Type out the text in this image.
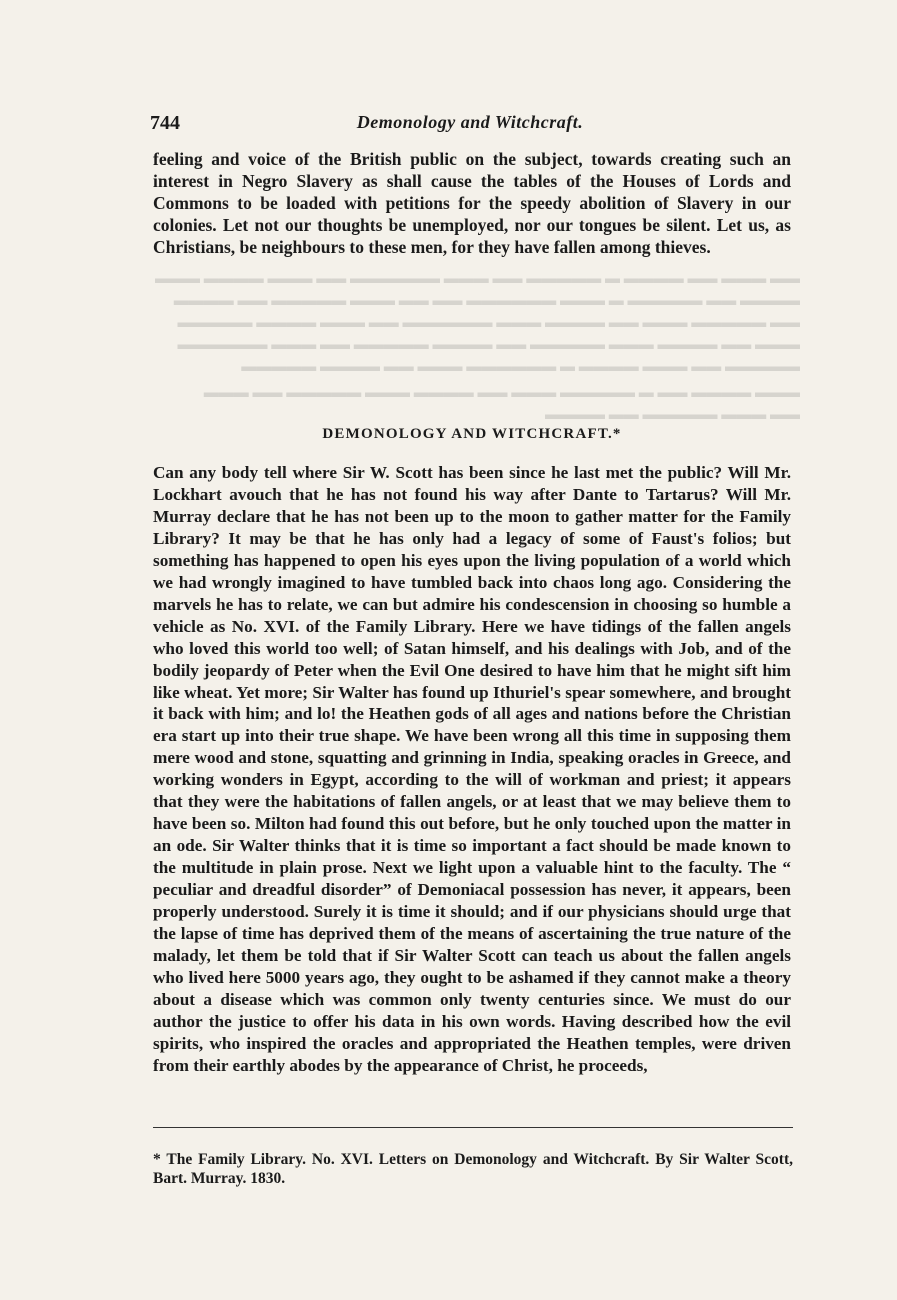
744	Demonology and Witchcraft.
feeling and voice of the British public on the subject, towards creating such an interest in Negro Slavery as shall cause the tables of the Houses of Lords and Commons to be loaded with petitions for the speedy abolition of Slavery in our colonies. Let not our thoughts be unemployed, nor our tongues be silent. Let us, as Christians, be neighbours to these men, for they have fallen among thieves.
▬▬ ▬▬▬ ▬▬ ▬▬▬▬ ▬ ▬▬▬▬▬ ▬▬ ▬▬▬ ▬▬▬▬▬▬ ▬▬ ▬▬▬ ▬▬▬▬ ▬▬▬
▬▬▬▬ ▬▬ ▬▬▬▬▬ ▬ ▬▬▬ ▬▬▬▬▬▬ ▬▬ ▬▬ ▬▬▬ ▬▬▬▬▬ ▬▬ ▬▬▬▬
▬▬ ▬▬▬▬▬ ▬▬▬ ▬▬ ▬▬▬▬ ▬▬▬ ▬▬▬▬▬▬ ▬▬ ▬▬▬ ▬▬▬▬ ▬▬▬▬▬
▬▬▬ ▬▬ ▬▬▬▬ ▬▬▬ ▬▬▬▬▬ ▬▬ ▬▬▬▬ ▬▬▬▬▬ ▬▬ ▬▬▬ ▬▬▬▬▬▬
▬▬▬▬▬ ▬▬ ▬▬▬ ▬▬▬▬ ▬ ▬▬▬▬▬▬ ▬▬▬ ▬▬ ▬▬▬▬ ▬▬▬▬▬
▬▬▬ ▬▬▬▬ ▬▬ ▬ ▬▬▬▬▬ ▬▬▬ ▬▬ ▬▬▬▬ ▬▬▬ ▬▬▬▬▬ ▬▬ ▬▬▬
▬▬ ▬▬▬ ▬▬▬▬▬ ▬▬ ▬▬▬▬
DEMONOLOGY AND WITCHCRAFT.*
Can any body tell where Sir W. Scott has been since he last met the public? Will Mr. Lockhart avouch that he has not found his way after Dante to Tartarus? Will Mr. Murray declare that he has not been up to the moon to gather matter for the Family Library? It may be that he has only had a legacy of some of Faust's folios; but something has happened to open his eyes upon the living population of a world which we had wrongly imagined to have tumbled back into chaos long ago. Considering the marvels he has to relate, we can but admire his condescension in choosing so humble a vehicle as No. XVI. of the Family Library. Here we have tidings of the fallen angels who loved this world too well; of Satan himself, and his dealings with Job, and of the bodily jeopardy of Peter when the Evil One desired to have him that he might sift him like wheat. Yet more; Sir Walter has found up Ithuriel's spear somewhere, and brought it back with him; and lo! the Heathen gods of all ages and nations before the Christian era start up into their true shape. We have been wrong all this time in supposing them mere wood and stone, squatting and grinning in India, speaking oracles in Greece, and working wonders in Egypt, according to the will of workman and priest; it appears that they were the habitations of fallen angels, or at least that we may believe them to have been so. Milton had found this out before, but he only touched upon the matter in an ode. Sir Walter thinks that it is time so important a fact should be made known to the multitude in plain prose. Next we light upon a valuable hint to the faculty. The “ peculiar and dreadful disorder” of Demoniacal possession has never, it appears, been properly understood. Surely it is time it should; and if our physicians should urge that the lapse of time has deprived them of the means of ascertaining the true nature of the malady, let them be told that if Sir Walter Scott can teach us about the fallen angels who lived here 5000 years ago, they ought to be ashamed if they cannot make a theory about a disease which was common only twenty centuries since. We must do our author the justice to offer his data in his own words. Having described how the evil spirits, who inspired the oracles and appropriated the Heathen temples, were driven from their earthly abodes by the appearance of Christ, he proceeds,
* The Family Library. No. XVI. Letters on Demonology and Witchcraft. By Sir Walter Scott, Bart. Murray. 1830.
